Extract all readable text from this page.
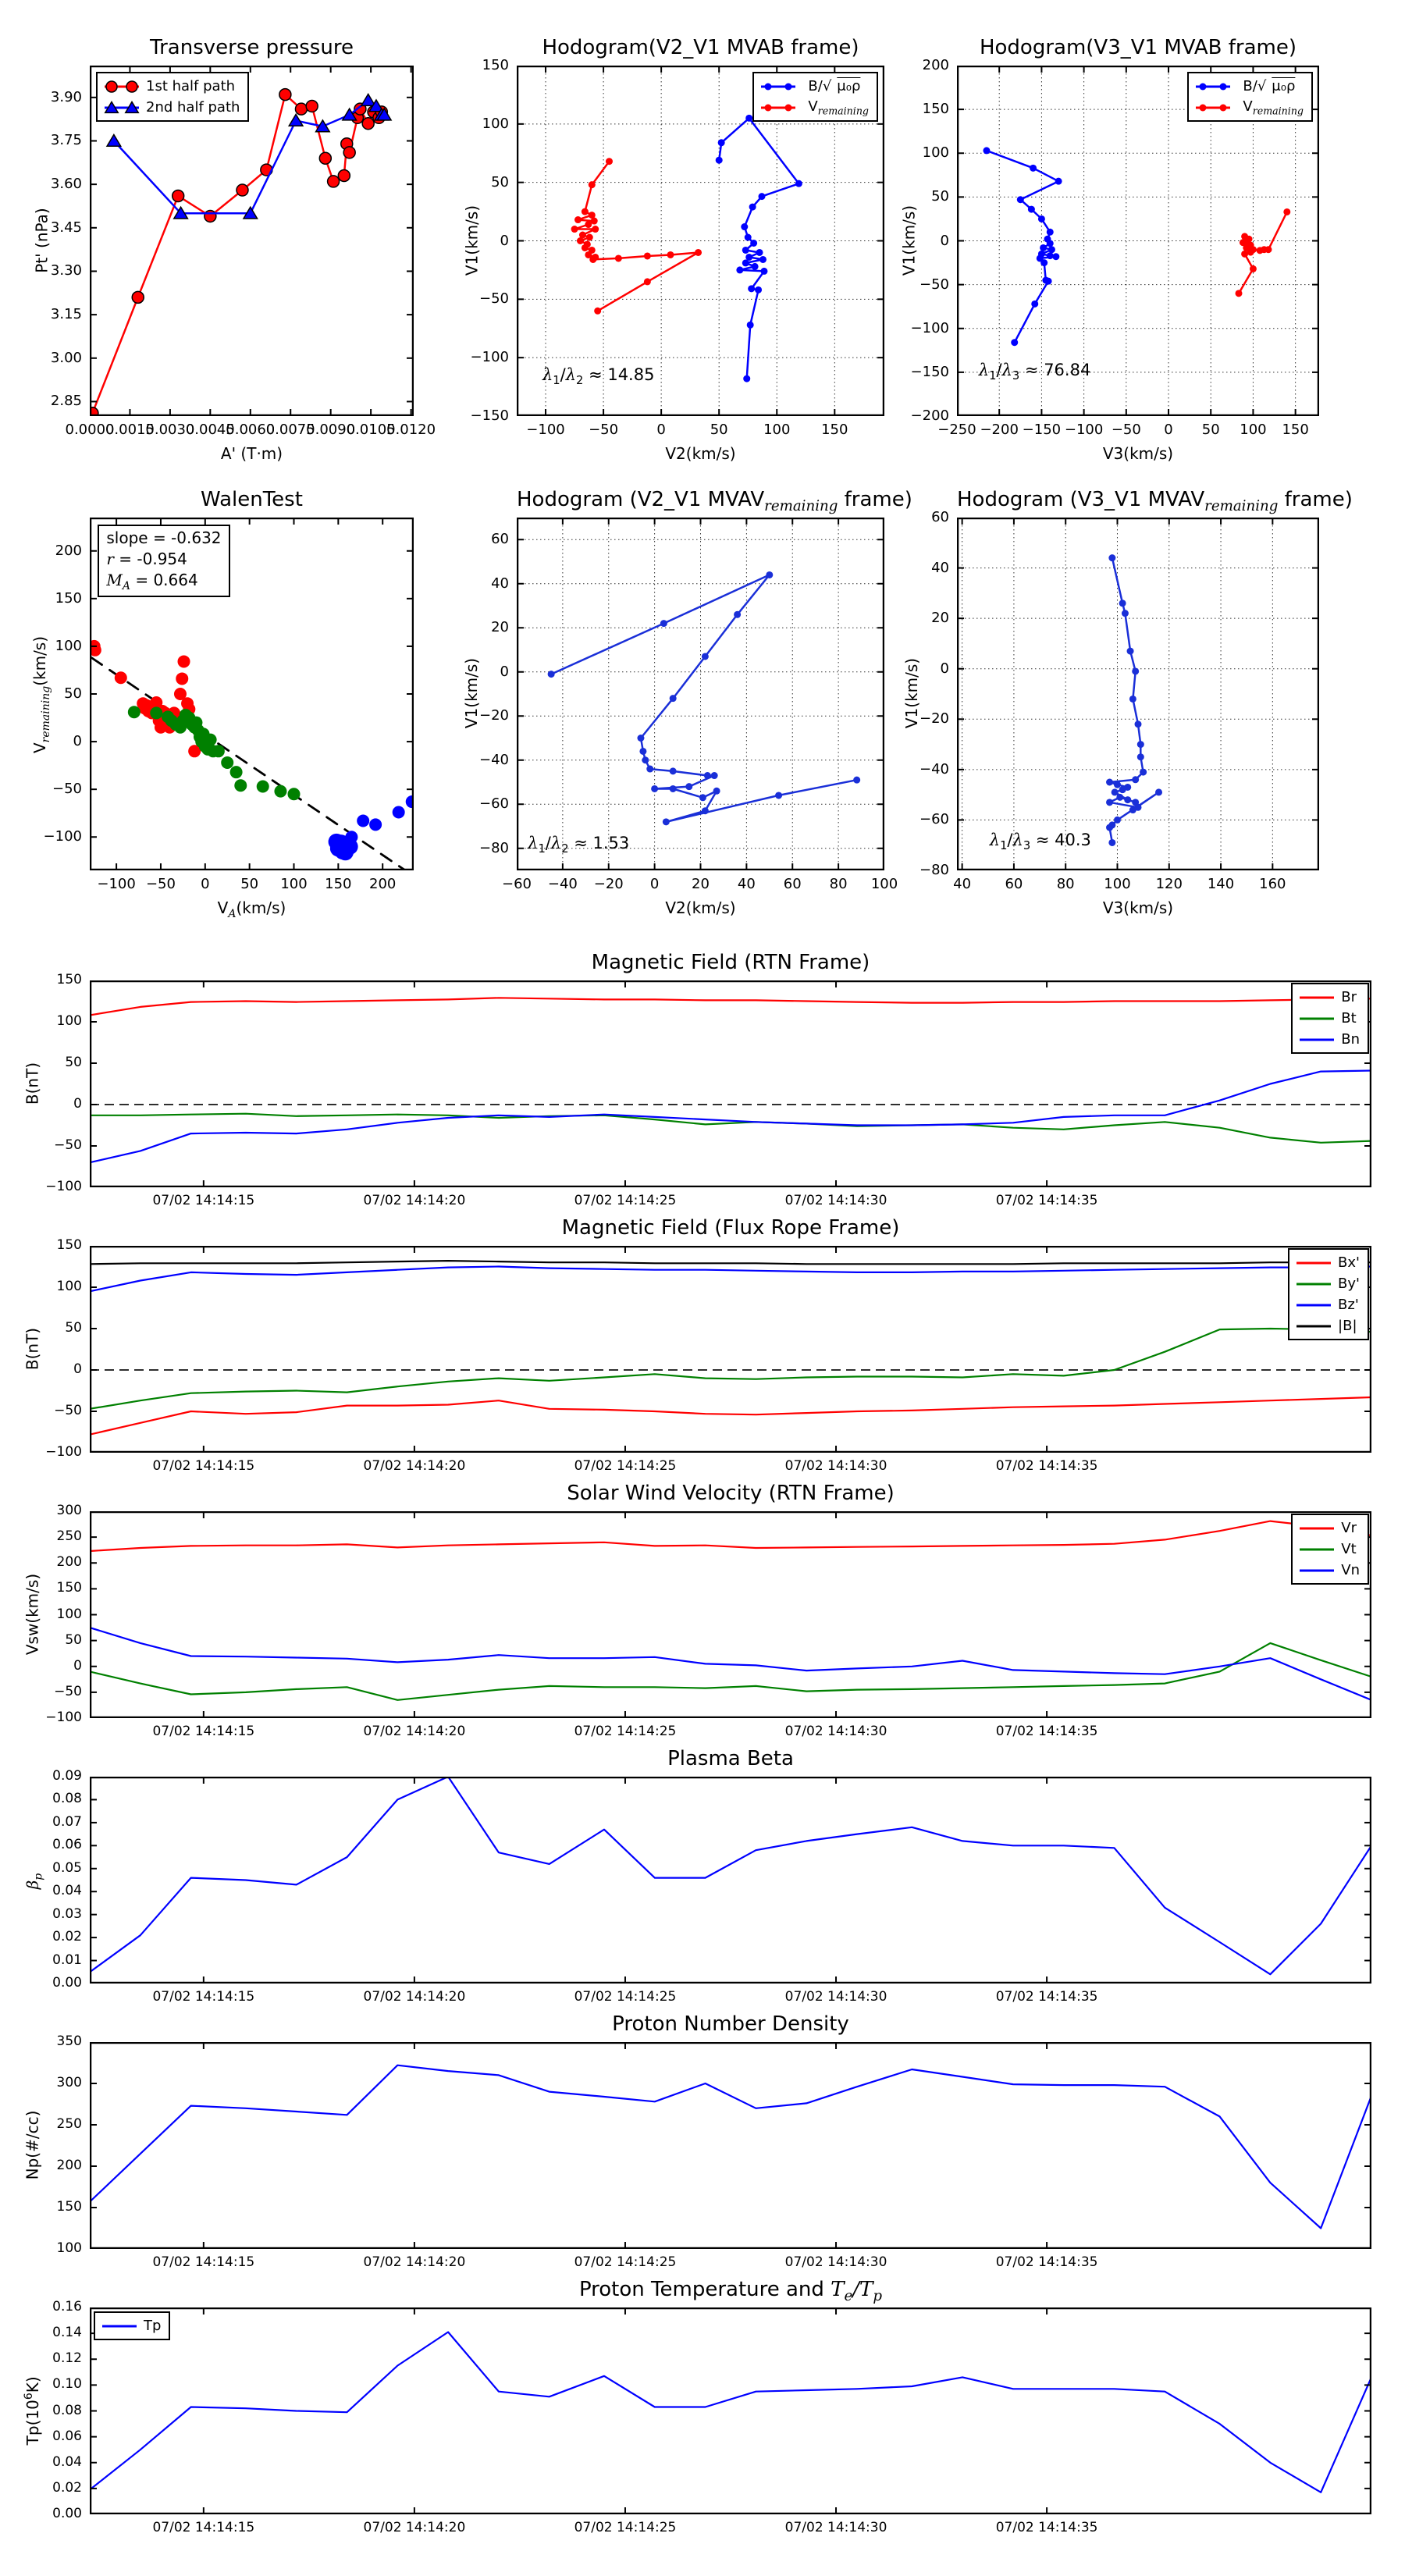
0.0000
0.0015
0.0030
0.0045
0.0060
0.0075
0.0090
0.0105
0.0120
2.85
3.00
3.15
3.30
3.45
3.60
3.75
3.90
Transverse pressure
A' (T·m)
Pt' (nPa)
1st half path
2nd half path
−100	−50	0	50	100	150
−150
−100
−50
0
50
100
150
Hodogram(V2_V1 MVAB frame)
V2(km/s)
V1(km/s)
B/√ μ₀ρ
$V_{remaining}$
$\lambda_1/\lambda_2 \approx 14.85$
−250 −200 −150 −100 −50	0	50	100	150
−200
−150
−100
−50
0
50
100
150
200
Hodogram(V3_V1 MVAB frame)
V3(km/s)
V1(km/s)
B/√ μ₀ρ
$V_{remaining}$
$\lambda_1/\lambda_3 \approx 76.84$
−100 −50	0	50	100	150	200
−100
−50
0
50
100
150
200
WalenTest
$V_A(km/s)$
$V_{remaining}(km/s)$
slope = -0.632
r = -0.954
$M_A = 0.664$
−60	−40	−20	0	20	40	60	80	100
−80
−60
−40
−20
0
20
40
60
Hodogram (V2_V1 $MVAV_{remaining}$ frame)
V2(km/s)
V1(km/s)
$\lambda_1/\lambda_2 \approx 1.53$
40	60	80	100	120	140	160
−80
−60
−40
−20
0
20
40
60
Hodogram (V3_V1 $MVAV_{remaining}$ frame)
V3(km/s)
V1(km/s)
$\lambda_1/\lambda_3 \approx 40.3$
07/02 14:14:15	07/02 14:14:20	07/02 14:14:25	07/02 14:14:30	07/02 14:14:35
−100
−50
0
50
100
150
Magnetic Field (RTN Frame)
B(nT)
Br
Bt
Bn
07/02 14:14:15	07/02 14:14:20	07/02 14:14:25	07/02 14:14:30	07/02 14:14:35
−100
−50
0
50
100
150
Magnetic Field (Flux Rope Frame)
B(nT)
Bx'
By'
Bz'
|B|
07/02 14:14:15	07/02 14:14:20	07/02 14:14:25	07/02 14:14:30	07/02 14:14:35
−100
−50
0
50
100
150
200
250
300
Solar Wind Velocity (RTN Frame)
Vsw(km/s)
Vr
Vt
Vn
07/02 14:14:15	07/02 14:14:20	07/02 14:14:25	07/02 14:14:30	07/02 14:14:35
0.00
0.01
0.02
0.03
0.04
0.05
0.06
0.07
0.08
0.09
Plasma Beta
$\beta_p$
07/02 14:14:15	07/02 14:14:20	07/02 14:14:25	07/02 14:14:30	07/02 14:14:35
100
150
200
250
300
350
Proton Number Density
Np(#/cc)
07/02 14:14:15	07/02 14:14:20	07/02 14:14:25	07/02 14:14:30	07/02 14:14:35
0.00
0.02
0.04
0.06
0.08
0.10
0.12
0.14
0.16
Proton Temperature and $T_e/T_p$
$Tp(10^6K)$
Tp
